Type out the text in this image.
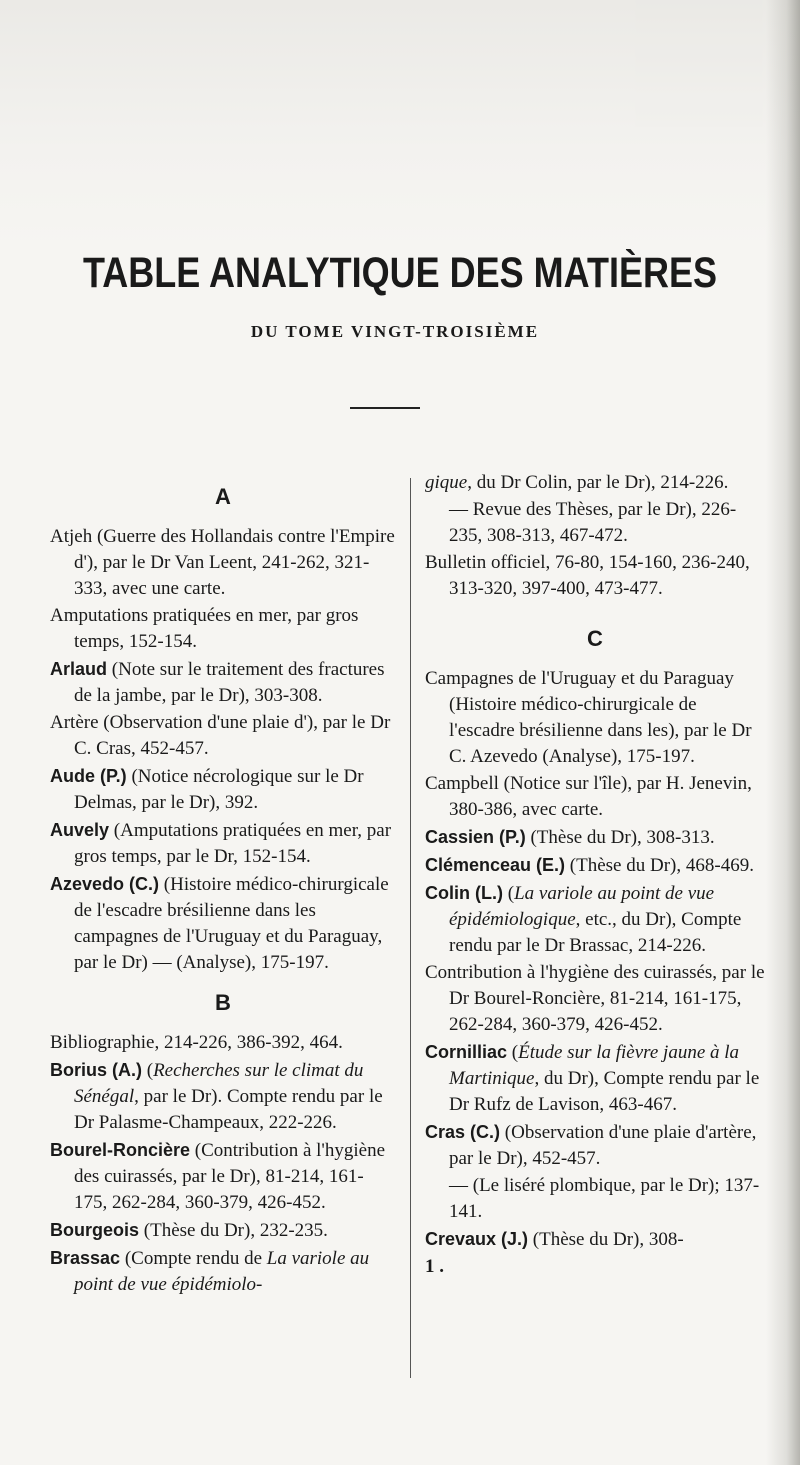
TABLE ANALYTIQUE DES MATIÈRES
DU TOME VINGT-TROISIÈME
A
Atjeh (Guerre des Hollandais contre l'Empire d'), par le Dr Van Leent, 241-262, 321-333, avec une carte.
Amputations pratiquées en mer, par gros temps, 152-154.
Arlaud (Note sur le traitement des fractures de la jambe, par le Dr), 303-308.
Artère (Observation d'une plaie d'), par le Dr C. Cras, 452-457.
Aude (P.) (Notice nécrologique sur le Dr Delmas, par le Dr), 392.
Auvely (Amputations pratiquées en mer, par gros temps, par le Dr, 152-154.
Azevedo (C.) (Histoire médico-chirurgicale de l'escadre brésilienne dans les campagnes de l'Uruguay et du Paraguay, par le Dr) — (Analyse), 175-197.
B
Bibliographie, 214-226, 386-392, 464.
Borius (A.) (Recherches sur le climat du Sénégal, par le Dr). Compte rendu par le Dr Palasme-Champeaux, 222-226.
Bourel-Roncière (Contribution à l'hygiène des cuirassés, par le Dr), 81-214, 161-175, 262-284, 360-379, 426-452.
Bourgeois (Thèse du Dr), 232-235.
Brassac (Compte rendu de La variole au point de vue épidémiolo-
gique, du Dr Colin, par le Dr), 214-226.
— Revue des Thèses, par le Dr), 226-235, 308-313, 467-472.
Bulletin officiel, 76-80, 154-160, 236-240, 313-320, 397-400, 473-477.
C
Campagnes de l'Uruguay et du Paraguay (Histoire médico-chirurgicale de l'escadre brésilienne dans les), par le Dr C. Azevedo (Analyse), 175-197.
Campbell (Notice sur l'île), par H. Jenevin, 380-386, avec carte.
Cassien (P.) (Thèse du Dr), 308-313.
Clémenceau (E.) (Thèse du Dr), 468-469.
Colin (L.) (La variole au point de vue épidémiologique, etc., du Dr), Compte rendu par le Dr Brassac, 214-226.
Contribution à l'hygiène des cuirassés, par le Dr Bourel-Roncière, 81-214, 161-175, 262-284, 360-379, 426-452.
Cornilliac (Étude sur la fièvre jaune à la Martinique, du Dr), Compte rendu par le Dr Rufz de Lavison, 463-467.
Cras (C.) (Observation d'une plaie d'artère, par le Dr), 452-457.
— (Le liséré plombique, par le Dr); 137-141.
Crevaux (J.) (Thèse du Dr), 308-
1 .
